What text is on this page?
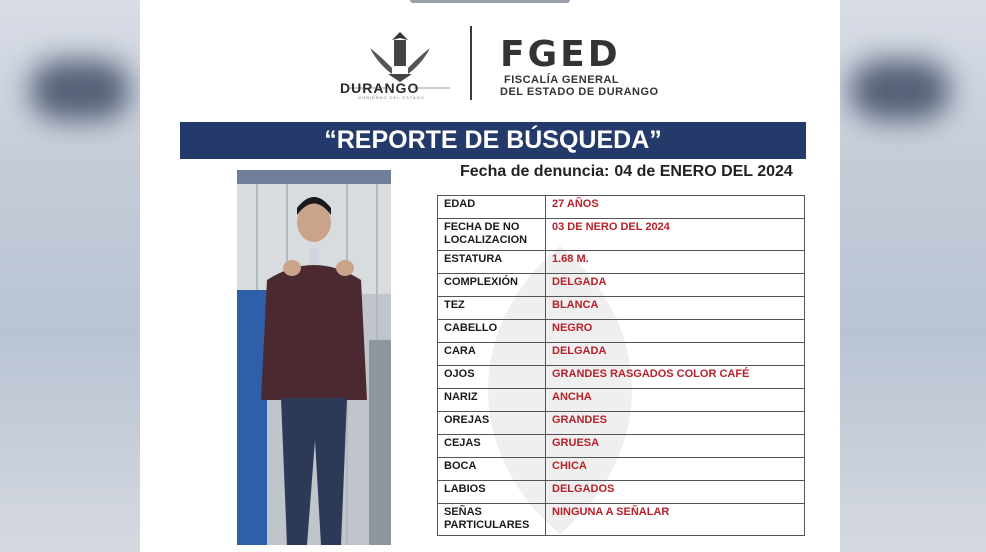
DURANGO
GOBIERNO DEL ESTADO
FGED
FISCALÍA GENERAL
DEL ESTADO DE DURANGO
“REPORTE DE BÚSQUEDA”
Fecha de denuncia: 04 de ENERO DEL 2024
EDAD	27 AÑOS
FECHA DE NO LOCALIZACION	03 DE NERO DEL 2024
ESTATURA	1.68 M.
COMPLEXIÓN	DELGADA
TEZ	BLANCA
CABELLO	NEGRO
CARA	DELGADA
OJOS	GRANDES RASGADOS COLOR CAFÉ
NARIZ	ANCHA
OREJAS	GRANDES
CEJAS	GRUESA
BOCA	CHICA
LABIOS	DELGADOS
SEÑAS PARTICULARES	NINGUNA A SEÑALAR
